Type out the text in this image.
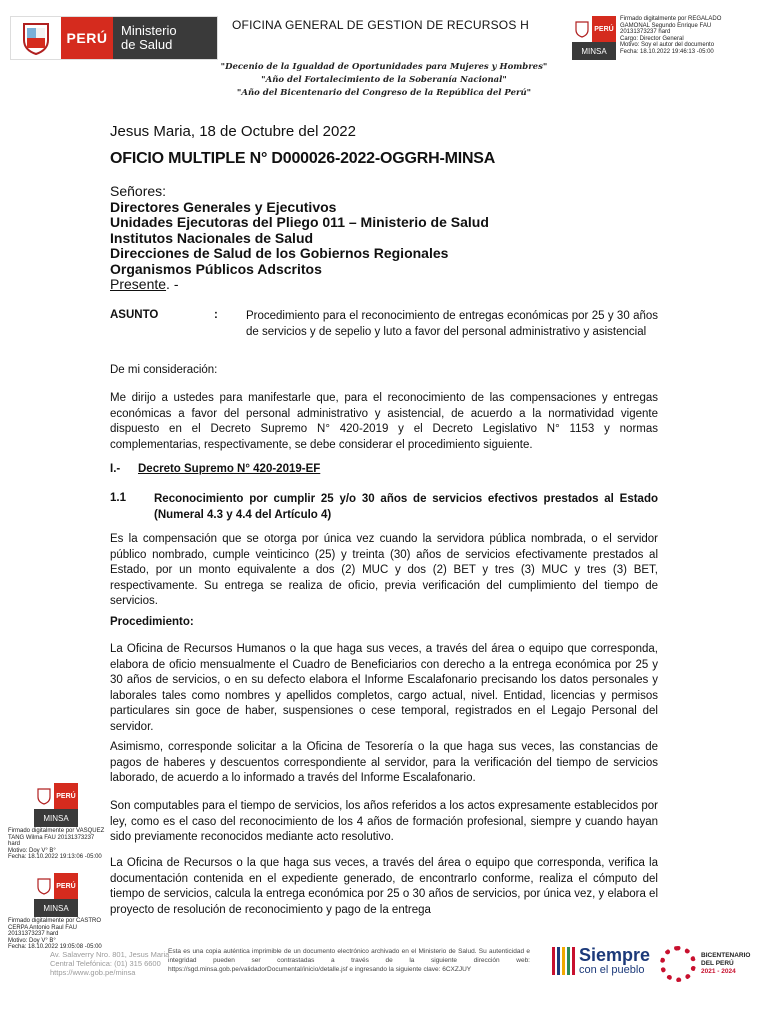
PERÚ	Ministerio
de Salud
OFICINA GENERAL DE GESTION DE RECURSOS H	PERÚ
MINSA
Firmado digitalmente por REGALADO
GAMONAL Segundo Enrique FAU
20131373237 hard
Cargo: Director General
Motivo: Soy el autor del documento
Fecha: 18.10.2022 19:46:13 -05:00
"Decenio de la Igualdad de Oportunidades para Mujeres y Hombres"
"Año del Fortalecimiento de la Soberanía Nacional"
"Año del Bicentenario del Congreso de la República del Perú"
Jesus Maria, 18 de Octubre del 2022
OFICIO MULTIPLE N° D000026-2022-OGGRH-MINSA
Señores:
Directores Generales y Ejecutivos
Unidades Ejecutoras del Pliego 011 – Ministerio de Salud
Institutos Nacionales de Salud
Direcciones de Salud de los Gobiernos Regionales
Organismos Públicos Adscritos
Presente. -
ASUNTO	: Procedimiento para el reconocimiento de entregas económicas por 25 y 30 años de servicios y de sepelio y luto a favor del personal administrativo y asistencial
De mi consideración:
Me dirijo a ustedes para manifestarle que, para el reconocimiento de las compensaciones y entregas económicas a favor del personal administrativo y asistencial, de acuerdo a la normatividad vigente dispuesto en el Decreto Supremo N° 420-2019 y el Decreto Legislativo N° 1153 y normas complementarias, respectivamente, se debe considerar el procedimiento siguiente.
I.- Decreto Supremo N° 420-2019-EF
1.1 Reconocimiento por cumplir 25 y/o 30 años de servicios efectivos prestados al Estado (Numeral 4.3 y 4.4 del Artículo 4)
Es la compensación que se otorga por única vez cuando la servidora pública nombrada, o el servidor público nombrado, cumple veinticinco (25) y treinta (30) años de servicios efectivamente prestados al Estado, por un monto equivalente a dos (2) MUC y dos (2) BET y tres (3) MUC y tres (3) BET, respectivamente. Su entrega se realiza de oficio, previa verificación del cumplimiento del tiempo de servicios.
Procedimiento:
La Oficina de Recursos Humanos o la que haga sus veces, a través del área o equipo que corresponda, elabora de oficio mensualmente el Cuadro de Beneficiarios con derecho a la entrega económica por 25 y 30 años de servicios, o en su defecto elabora el Informe Escalafonario precisando los datos personales y laborales tales como nombres y apellidos completos, cargo actual, nivel. Entidad, licencias y permisos particulares sin goce de haber, suspensiones o cese temporal, registrados en el Legajo Personal del servidor.
Asimismo, corresponde solicitar a la Oficina de Tesorería o la que haga sus veces, las constancias de pagos de haberes y descuentos correspondiente al servidor, para la verificación del tiempo de servicios laborado, de acuerdo a lo informado a través del Informe Escalafonario.
Son computables para el tiempo de servicios, los años referidos a los actos expresamente establecidos por ley, como es el caso del reconocimiento de los 4 años de formación profesional, siempre y cuando hayan sido previamente reconocidos mediante acto resolutivo.
La Oficina de Recursos o la que haga sus veces, a través del área o equipo que corresponda, verifica la documentación contenida en el expediente generado, de encontrarlo conforme, realiza el cómputo del tiempo de servicios, calcula la entrega económica por 25 o 30 años de servicios, por única vez, y elabora el proyecto de resolución de reconocimiento y pago de la entrega
PERÚ
MINSA
Firmado digitalmente por VASQUEZ
TANG Wilma FAU 20131373237
hard
Motivo: Doy V° B°
Fecha: 18.10.2022 19:13:06 -05:00
PERÚ
MINSA
Firmado digitalmente por CASTRO
CERPA Antonio Raul FAU
20131373237 hard
Motivo: Doy V° B°
Fecha: 18.10.2022 19:05:08 -05:00
Av. Salaverry Nro. 801, Jesus Maria
Central Telefónica: (01) 315 6600
https://www.gob.pe/minsa
Esta es una copia auténtica imprimible de un documento electrónico archivado en el Ministerio de Salud. Su autenticidad e integridad pueden ser contrastadas a través de la siguiente dirección web: https://sgd.minsa.gob.pe/validadorDocumental/inicio/detalle.jsf e ingresando la siguiente clave: 6CXZJUY
Siempre
con el pueblo
BICENTENARIO
DEL PERÚ
2021 - 2024
